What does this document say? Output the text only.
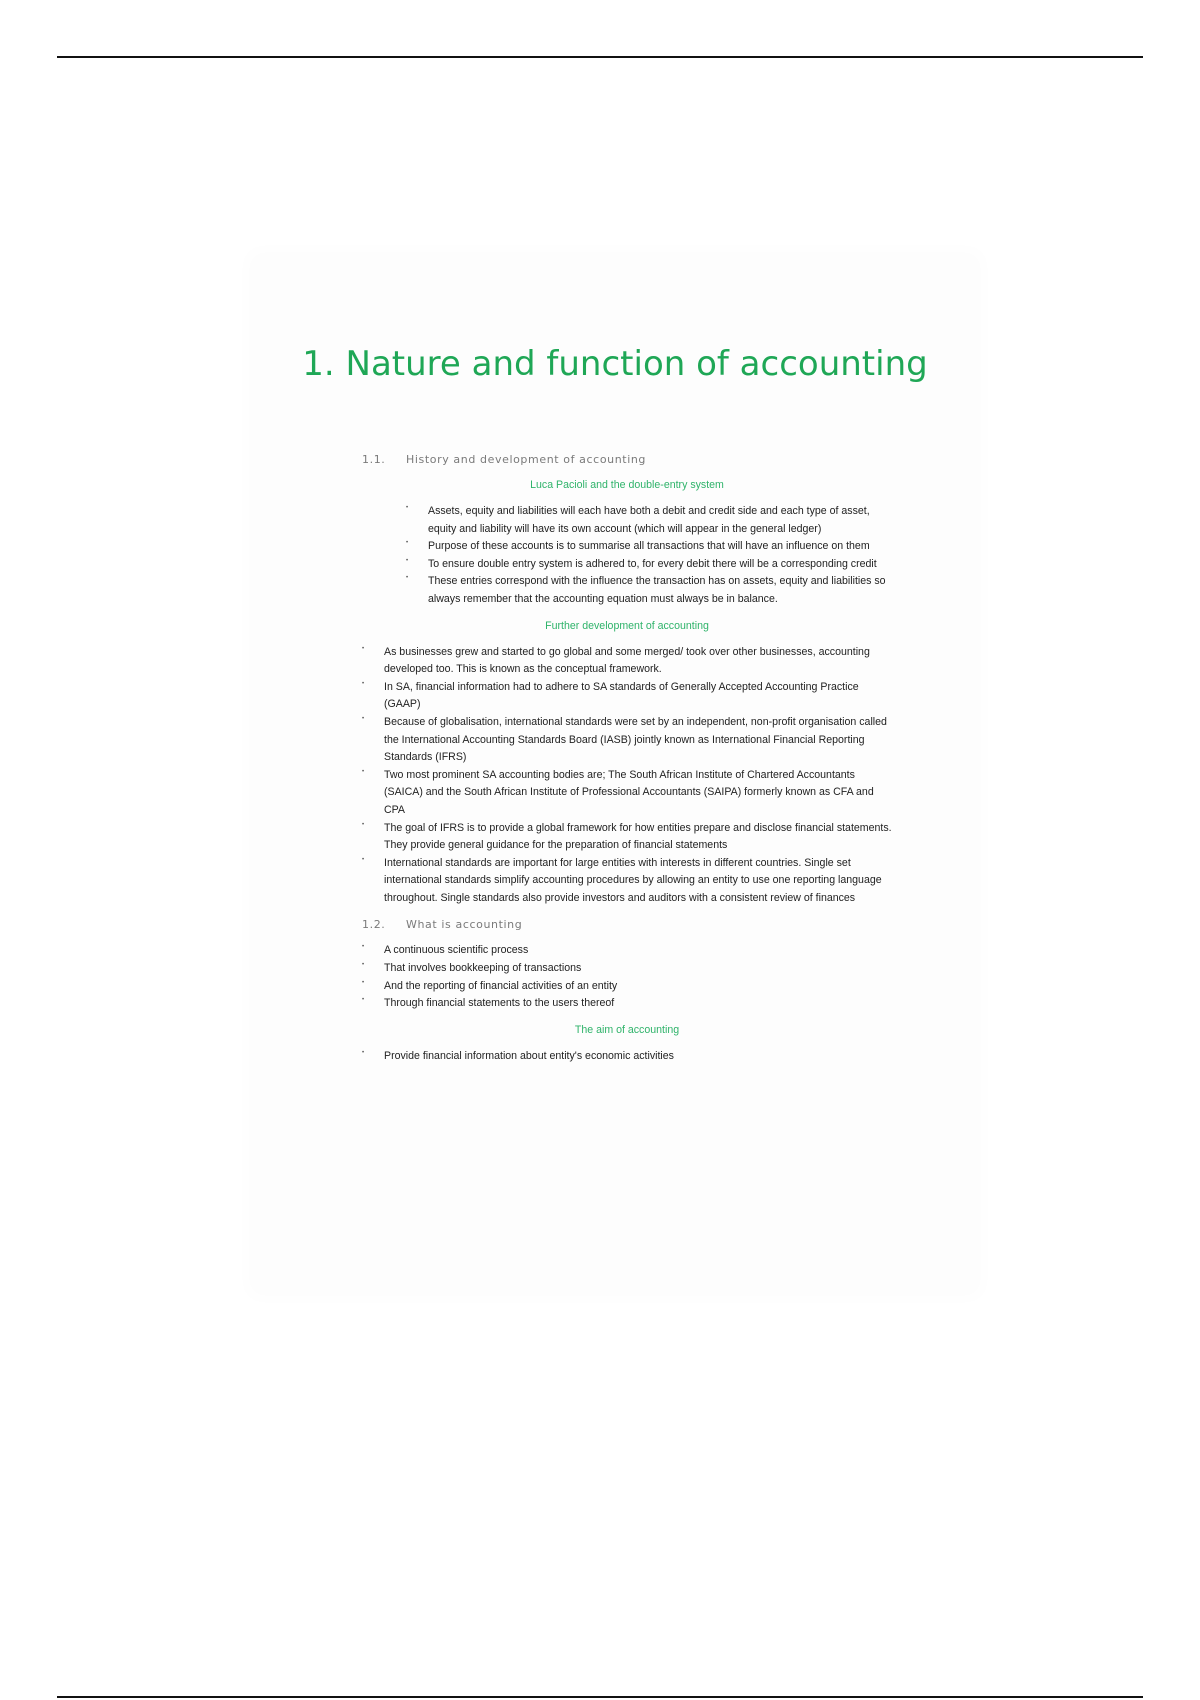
1. Nature and function of accounting
1.1.	History and development of accounting
Luca Pacioli and the double-entry system
• Assets, equity and liabilities will each have both a debit and credit side and each type of asset, equity and liability will have its own account (which will appear in the general ledger)
• Purpose of these accounts is to summarise all transactions that will have an influence on them
• To ensure double entry system is adhered to, for every debit there will be a corresponding credit
• These entries correspond with the influence the transaction has on assets, equity and liabilities so always remember that the accounting equation must always be in balance.
Further development of accounting
• As businesses grew and started to go global and some merged/ took over other businesses, accounting developed too. This is known as the conceptual framework.
• In SA, financial information had to adhere to SA standards of Generally Accepted Accounting Practice (GAAP)
• Because of globalisation, international standards were set by an independent, non-profit organisation called the International Accounting Standards Board (IASB) jointly known as International Financial Reporting Standards (IFRS)
• Two most prominent SA accounting bodies are; The South African Institute of Chartered Accountants (SAICA) and the South African Institute of Professional Accountants (SAIPA) formerly known as CFA and CPA
• The goal of IFRS is to provide a global framework for how entities prepare and disclose financial statements. They provide general guidance for the preparation of financial statements
• International standards are important for large entities with interests in different countries. Single set international standards simplify accounting procedures by allowing an entity to use one reporting language throughout. Single standards also provide investors and auditors with a consistent review of finances
1.2.	What is accounting
• A continuous scientific process
• That involves bookkeeping of transactions
• And the reporting of financial activities of an entity
• Through financial statements to the users thereof
The aim of accounting
• Provide financial information about entity's economic activities
